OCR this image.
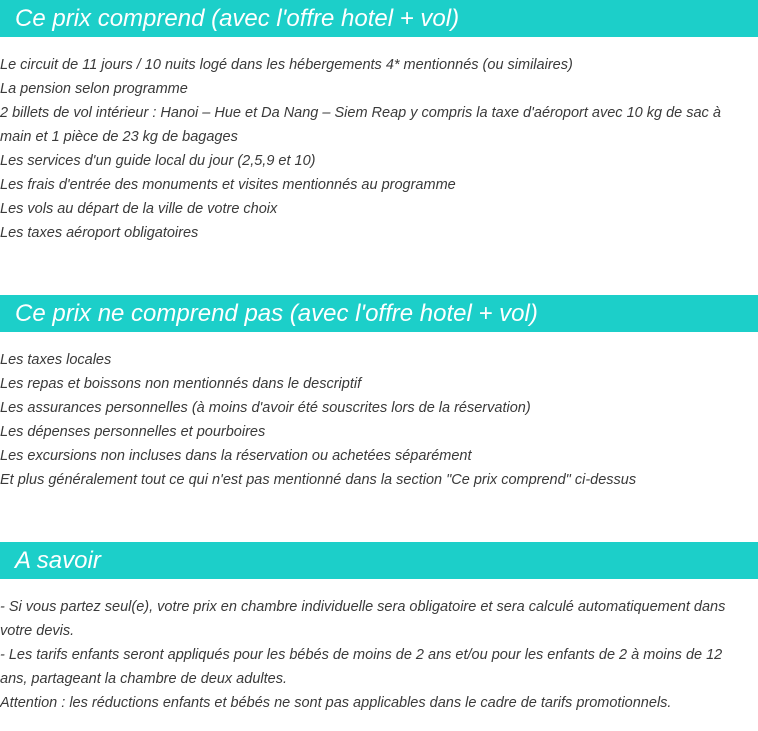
Ce prix comprend (avec l'offre hotel + vol)

Le circuit de 11 jours / 10 nuits logé dans les hébergements 4* mentionnés (ou similaires)

La pension selon programme

2 billets de vol intérieur : Hanoi – Hue et Da Nang – Siem Reap y compris la taxe d'aéroport avec 10 kg de sac à main et 1 pièce de 23 kg de bagages

Les services d'un guide local du jour (2,5,9 et 10)

Les frais d'entrée des monuments et visites mentionnés au programme

Les vols au départ de la ville de votre choix

Les taxes aéroport obligatoires

Ce prix ne comprend pas (avec l'offre hotel + vol)

Les taxes locales

Les repas et boissons non mentionnés dans le descriptif

Les assurances personnelles (à moins d'avoir été souscrites lors de la réservation)

Les dépenses personnelles et pourboires

Les excursions non incluses dans la réservation ou achetées séparément

Et plus généralement tout ce qui n'est pas mentionné dans la section "Ce prix comprend" ci-dessus

A savoir

- Si vous partez seul(e), votre prix en chambre individuelle sera obligatoire et sera calculé automatiquement dans votre devis.

- Les tarifs enfants seront appliqués pour les bébés de moins de 2 ans et/ou pour les enfants de 2 à moins de 12 ans, partageant la chambre de deux adultes.

Attention : les réductions enfants et bébés ne sont pas applicables dans le cadre de tarifs promotionnels.
